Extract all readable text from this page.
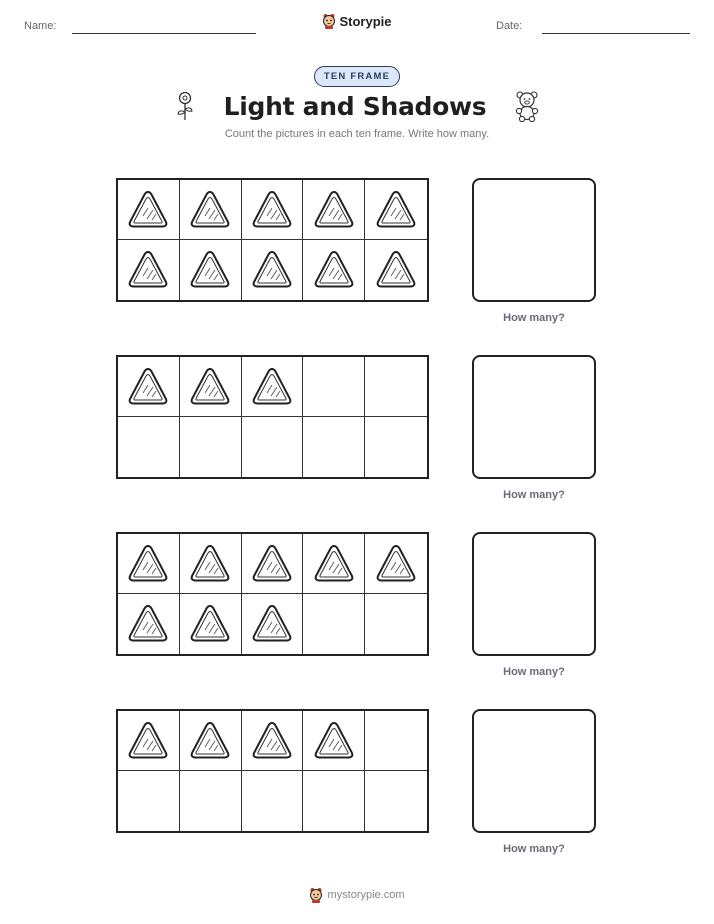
Name:	Storypie	Date:
TEN FRAME
Light and Shadows
Count the pictures in each ten frame. Write how many.
How many?
How many?
How many?
How many?
mystorypie.com
